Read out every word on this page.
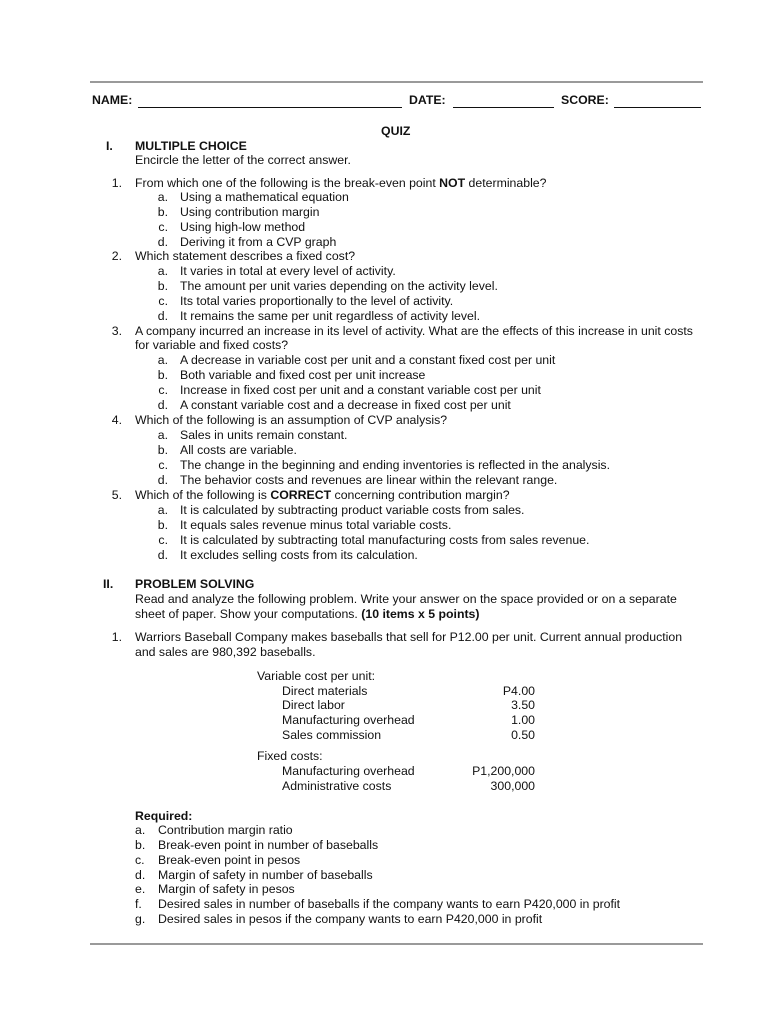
NAME:	DATE:	SCORE:
QUIZ
I. MULTIPLE CHOICE
Encircle the letter of the correct answer.
1. From which one of the following is the break-even point NOT determinable?
a. Using a mathematical equation
b. Using contribution margin
c. Using high-low method
d. Deriving it from a CVP graph
2. Which statement describes a fixed cost?
a. It varies in total at every level of activity.
b. The amount per unit varies depending on the activity level.
c. Its total varies proportionally to the level of activity.
d. It remains the same per unit regardless of activity level.
3. A company incurred an increase in its level of activity. What are the effects of this increase in unit costs
for variable and fixed costs?
a. A decrease in variable cost per unit and a constant fixed cost per unit
b. Both variable and fixed cost per unit increase
c. Increase in fixed cost per unit and a constant variable cost per unit
d. A constant variable cost and a decrease in fixed cost per unit
4. Which of the following is an assumption of CVP analysis?
a. Sales in units remain constant.
b. All costs are variable.
c. The change in the beginning and ending inventories is reflected in the analysis.
d. The behavior costs and revenues are linear within the relevant range.
5. Which of the following is CORRECT concerning contribution margin?
a. It is calculated by subtracting product variable costs from sales.
b. It equals sales revenue minus total variable costs.
c. It is calculated by subtracting total manufacturing costs from sales revenue.
d. It excludes selling costs from its calculation.
II. PROBLEM SOLVING
Read and analyze the following problem. Write your answer on the space provided or on a separate
sheet of paper. Show your computations. (10 items x 5 points)
1. Warriors Baseball Company makes baseballs that sell for P12.00 per unit. Current annual production
and sales are 980,392 baseballs.
Variable cost per unit:
Direct materials	P4.00
Direct labor	3.50
Manufacturing overhead	1.00
Sales commission	0.50
Fixed costs:
Manufacturing overhead	P1,200,000
Administrative costs	300,000
Required:
a. Contribution margin ratio
b. Break-even point in number of baseballs
c. Break-even point in pesos
d. Margin of safety in number of baseballs
e. Margin of safety in pesos
f. Desired sales in number of baseballs if the company wants to earn P420,000 in profit
g. Desired sales in pesos if the company wants to earn P420,000 in profit
